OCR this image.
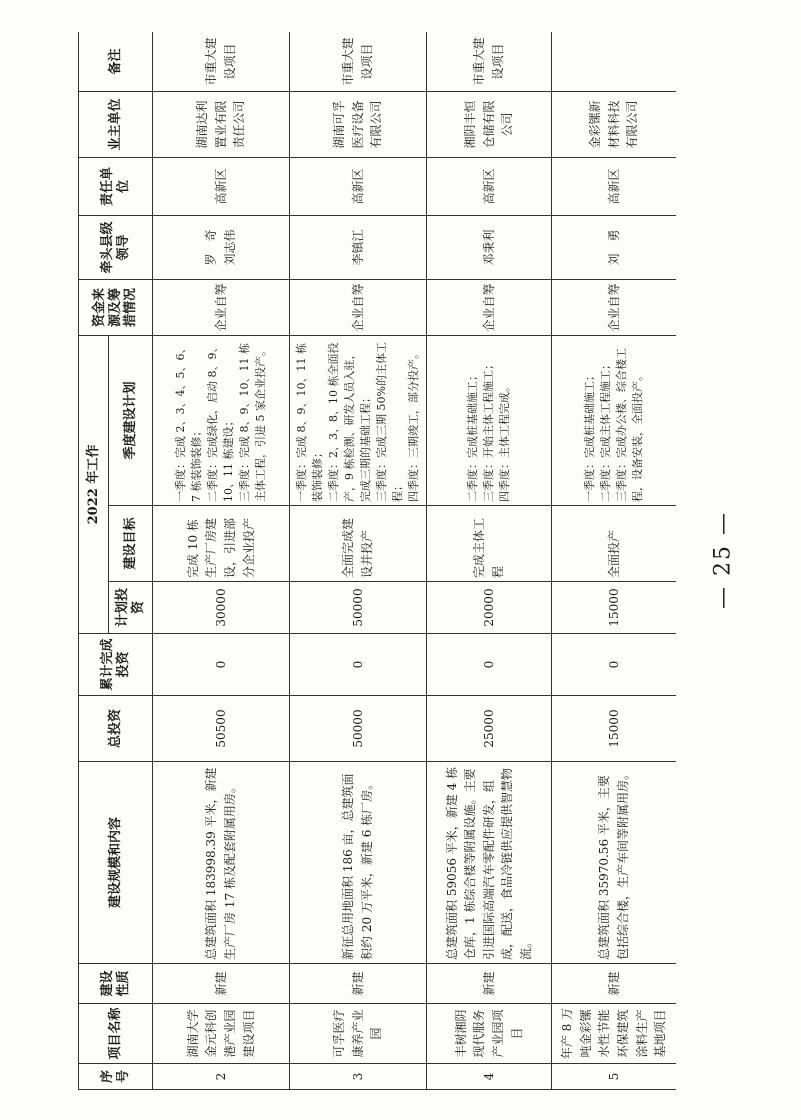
— 25 —
序号	项目名称	建设性质	建设规模和内容	总投资	累计完成投资	2022 年工作			资金来源及筹措情况	牵头县级领导	责任单位	业主单位	备注
						计划投资	建设目标	季度建设计划					
2	湖南大学金元科创港产业园建设项目	新建	总建筑面积 183998.39 平米，新建生产厂房 17 栋及配套附属用房。	50500	0	30000	完成 10 栋生产厂房建设，引进部分企业投产	一季度：完成 2、3、4、5、6、7 栋装饰装修；
二季度：完成绿化，启动 8、9、10、11 栋建设；
三季度：完成 8、9、10、11 栋主体工程，引进 5 家企业投产。	企业自筹	罗　奇
刘志伟	高新区	湖南达利置业有限责任公司	市重大建设项目
3	可孚医疗康养产业园	新建	新征总用地面积 186 亩，总建筑面积约 20 万平米，新建 6 栋厂房。	50000	0	50000	全面完成建设并投产	一季度：完成 8、9、10、11 栋装饰装修；
二季度：2、3、8、10 栋全面投产，9 栋检测、研发人员入驻，完成三期的基础工程；
三季度：完成三期 50%的主体工程；
四季度：三期竣工，部分投产。	企业自筹	李镇江	高新区	湖南可孚医疗设备有限公司	市重大建设项目
4	丰树湘阴现代服务产业园项目	新建	总建筑面积 59056 平米，新建 4 栋仓库，1 栋综合楼等附属设施。主要引进国际高端汽车零配件研发，组成，配送，食品冷链供应提供智慧物流。	25000	0	20000	完成主体工程	二季度：完成桩基础施工；
三季度：开始主体工程施工；
四季度：主体工程完成。	企业自筹	邓秉利	高新区	湘阴丰恒仓储有限公司	市重大建设项目
5	年产 8 万吨金彩镙水性节能环保建筑涂料生产基地项目	新建	总建筑面积 35970.56 平米，主要包括综合楼，生产车间等附属用房。	15000	0	15000	全面投产	一季度：完成桩基础施工；
二季度：完成主体工程施工；
三季度：完成办公楼、综合楼工程，设备安装，全面投产。	企业自筹	刘　勇	高新区	金彩镙新材料科技有限公司	
